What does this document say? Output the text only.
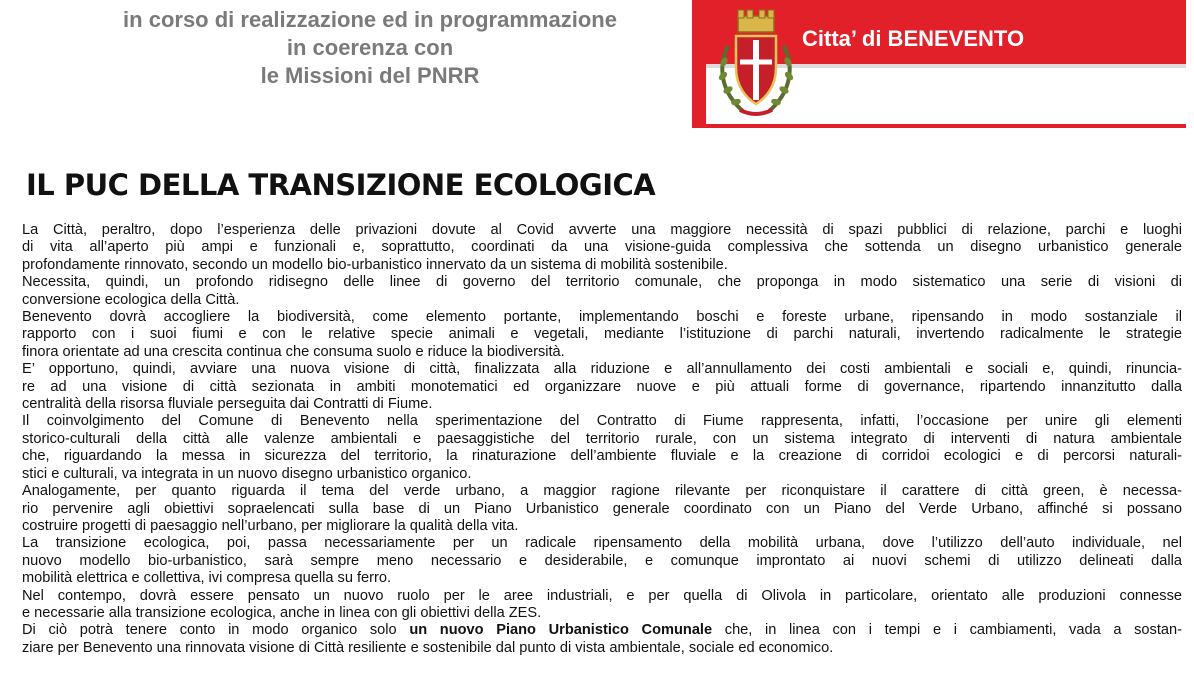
in corso di realizzazione ed in programmazione
in coerenza con
le Missioni del PNRR
Citta’ di BENEVENTO
IL PUC DELLA TRANSIZIONE ECOLOGICA
La Città, peraltro, dopo l’esperienza delle privazioni dovute al Covid avverte una maggiore necessità di spazi pubblici di relazione, parchi e luoghi
di vita all’aperto più ampi e funzionali e, soprattutto, coordinati da una visione-guida complessiva che sottenda un disegno urbanistico generale
profondamente rinnovato, secondo un modello bio-urbanistico innervato da un sistema di mobilità sostenibile.
Necessita, quindi, un profondo ridisegno delle linee di governo del territorio comunale, che proponga in modo sistematico una serie di visioni di
conversione ecologica della Città.
Benevento dovrà accogliere la biodiversità, come elemento portante, implementando boschi e foreste urbane, ripensando in modo sostanziale il
rapporto con i suoi fiumi e con le relative specie animali e vegetali, mediante l’istituzione di parchi naturali, invertendo radicalmente le strategie
finora orientate ad una crescita continua che consuma suolo e riduce la biodiversità.
E’ opportuno, quindi, avviare una nuova visione di città, finalizzata alla riduzione e all’annullamento dei costi ambientali e sociali e, quindi, rinuncia-
re ad una visione di città sezionata in ambiti monotematici ed organizzare nuove e più attuali forme di governance, ripartendo innanzitutto dalla
centralità della risorsa fluviale perseguita dai Contratti di Fiume.
Il coinvolgimento del Comune di Benevento nella sperimentazione del Contratto di Fiume rappresenta, infatti, l’occasione per unire gli elementi
storico-culturali della città alle valenze ambientali e paesaggistiche del territorio rurale, con un sistema integrato di interventi di natura ambientale
che, riguardando la messa in sicurezza del territorio, la rinaturazione dell’ambiente fluviale e la creazione di corridoi ecologici e di percorsi naturali-
stici e culturali, va integrata in un nuovo disegno urbanistico organico.
Analogamente, per quanto riguarda il tema del verde urbano, a maggior ragione rilevante per riconquistare il carattere di città green, è necessa-
rio pervenire agli obiettivi sopraelencati sulla base di un Piano Urbanistico generale coordinato con un Piano del Verde Urbano, affinché si possano
costruire progetti di paesaggio nell’urbano, per migliorare la qualità della vita.
La transizione ecologica, poi, passa necessariamente per un radicale ripensamento della mobilità urbana, dove l’utilizzo dell’auto individuale, nel
nuovo modello bio-urbanistico, sarà sempre meno necessario e desiderabile, e comunque improntato ai nuovi schemi di utilizzo delineati dalla
mobilità elettrica e collettiva, ivi compresa quella su ferro.
Nel contempo, dovrà essere pensato un nuovo ruolo per le aree industriali, e per quella di Olivola in particolare, orientato alle produzioni connesse
e necessarie alla transizione ecologica, anche in linea con gli obiettivi della ZES.
Di ciò potrà tenere conto in modo organico solo un nuovo Piano Urbanistico Comunale che, in linea con i tempi e i cambiamenti, vada a sostan-
ziare per Benevento una rinnovata visione di Città resiliente e sostenibile dal punto di vista ambientale, sociale ed economico.
